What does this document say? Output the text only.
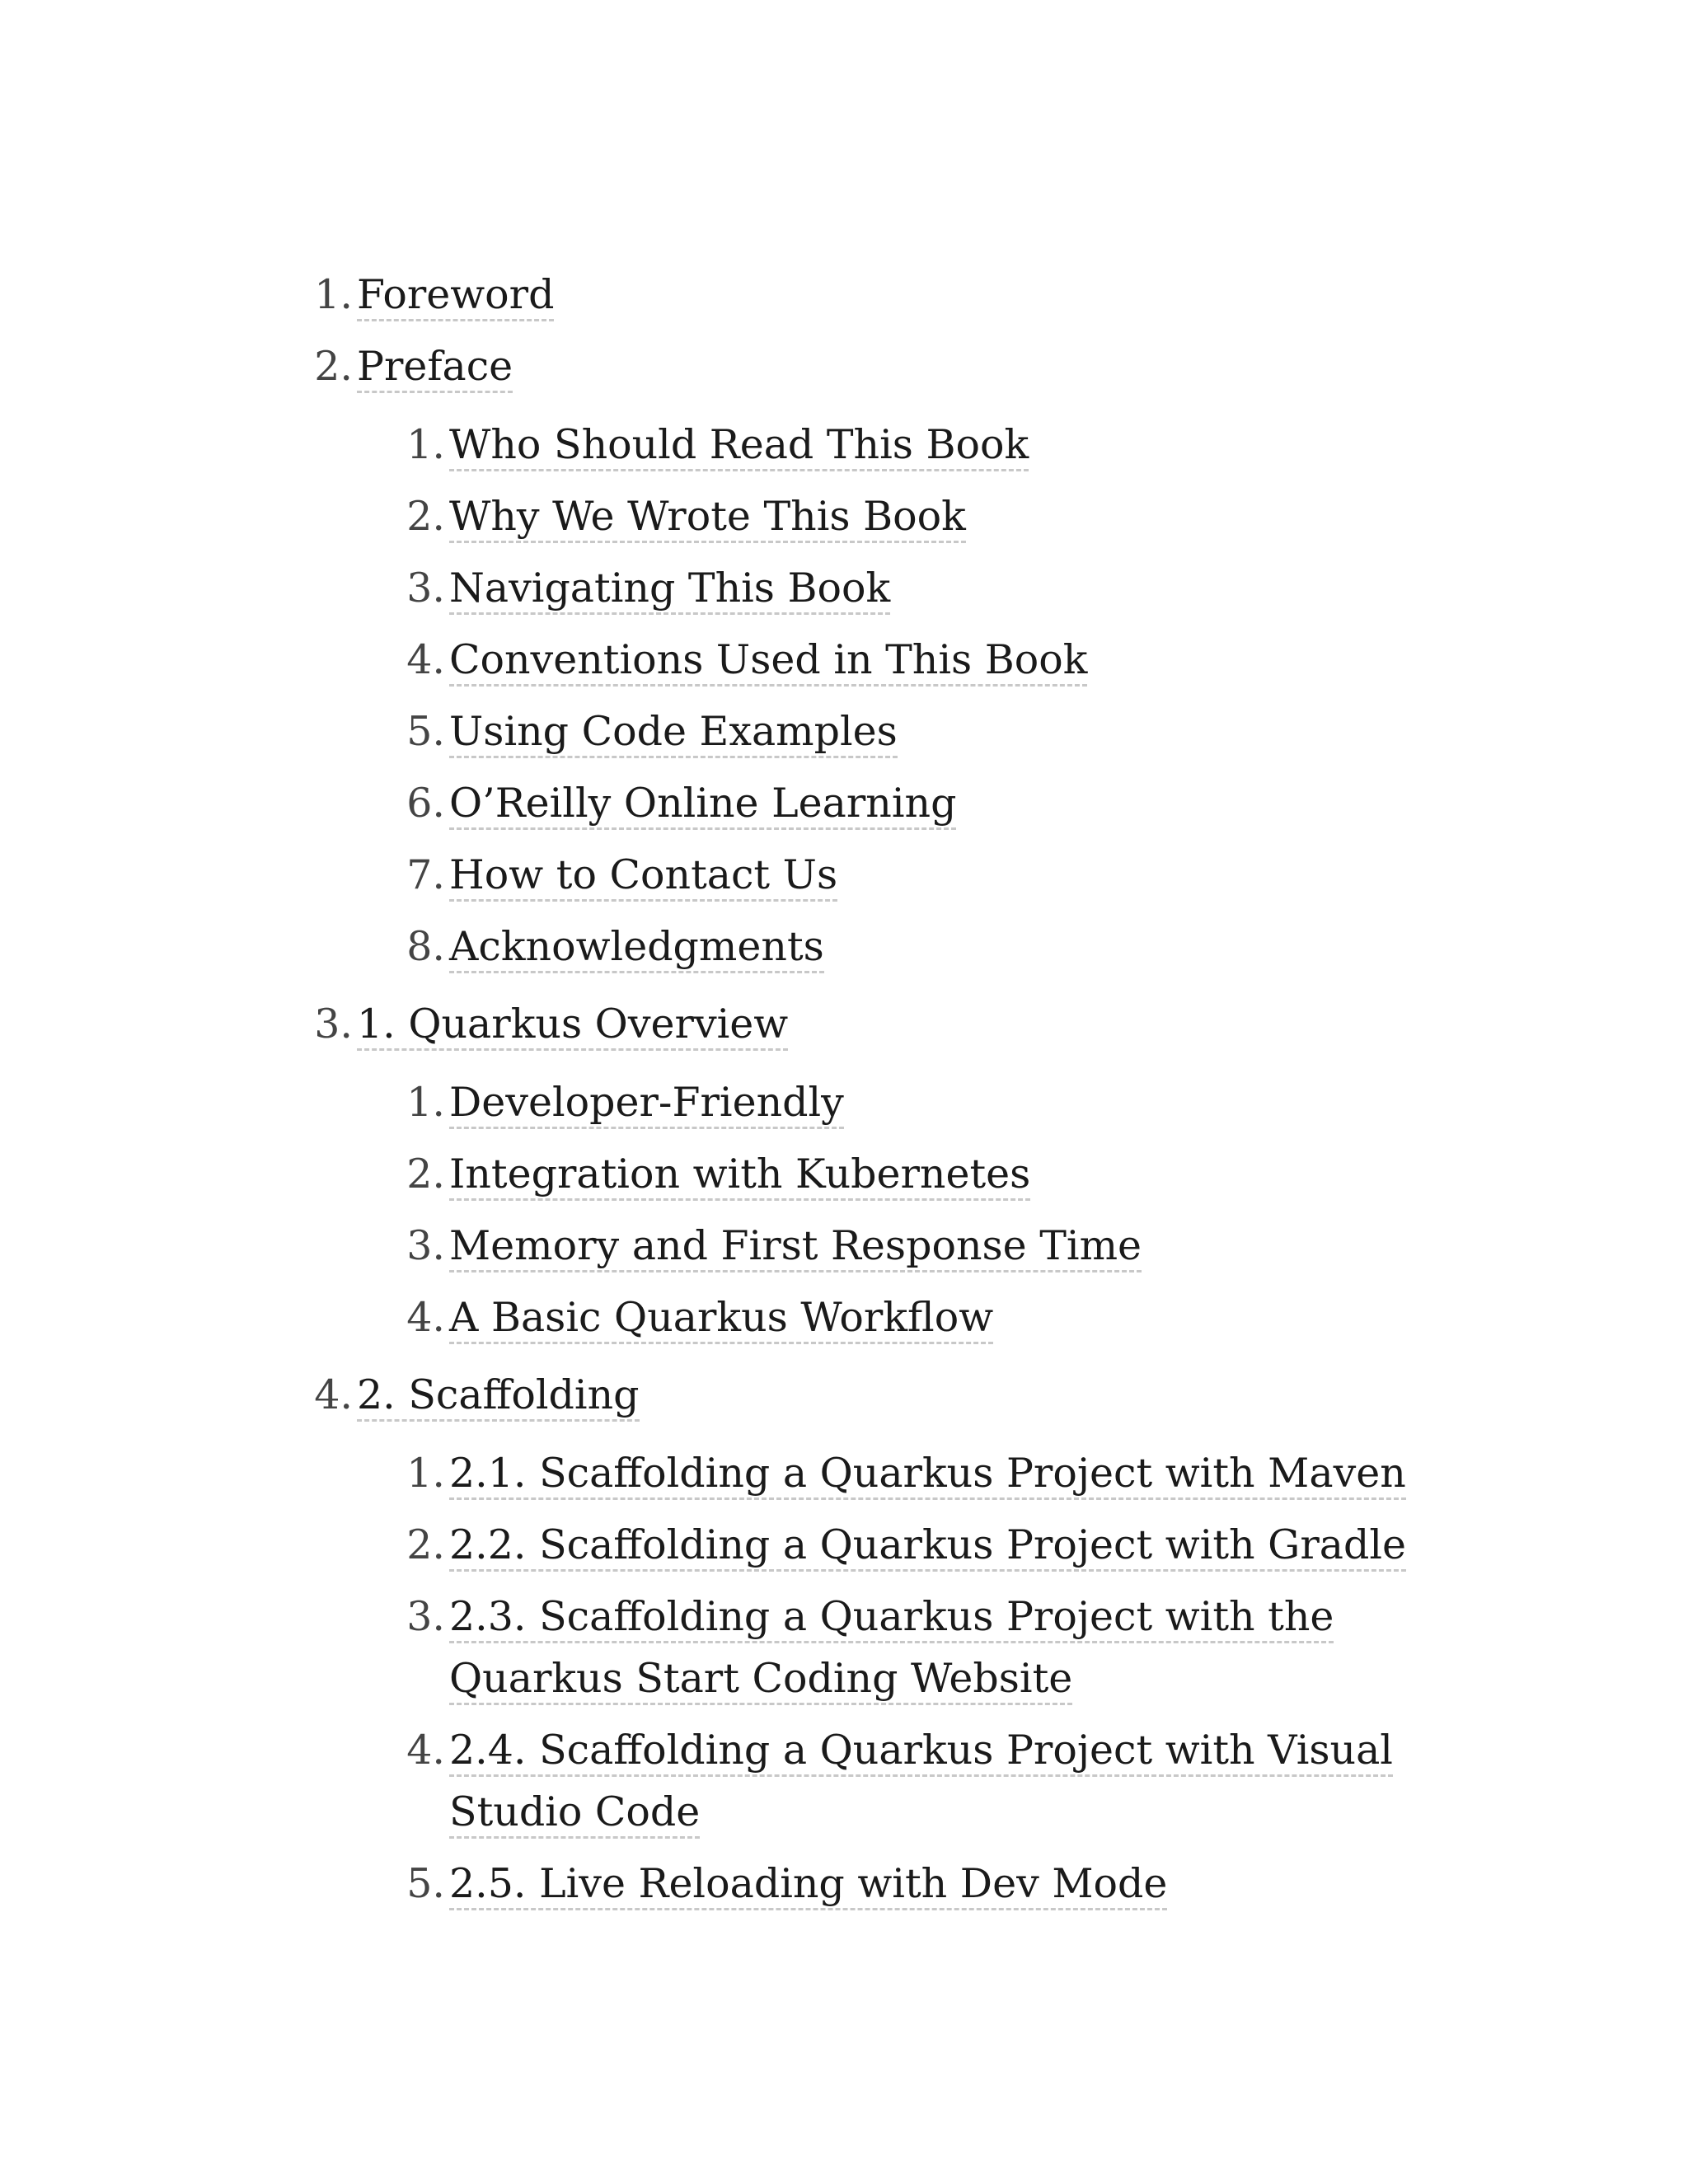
1. Foreword
2. Preface
1. Who Should Read This Book
2. Why We Wrote This Book
3. Navigating This Book
4. Conventions Used in This Book
5. Using Code Examples
6. O’Reilly Online Learning
7. How to Contact Us
8. Acknowledgments
3. 1. Quarkus Overview
1. Developer-Friendly
2. Integration with Kubernetes
3. Memory and First Response Time
4. A Basic Quarkus Workflow
4. 2. Scaffolding
1. 2.1. Scaffolding a Quarkus Project with Maven
2. 2.2. Scaffolding a Quarkus Project with Gradle
3. 2.3. Scaffolding a Quarkus Project with the Quarkus Start Coding Website
4. 2.4. Scaffolding a Quarkus Project with Visual Studio Code
5. 2.5. Live Reloading with Dev Mode
